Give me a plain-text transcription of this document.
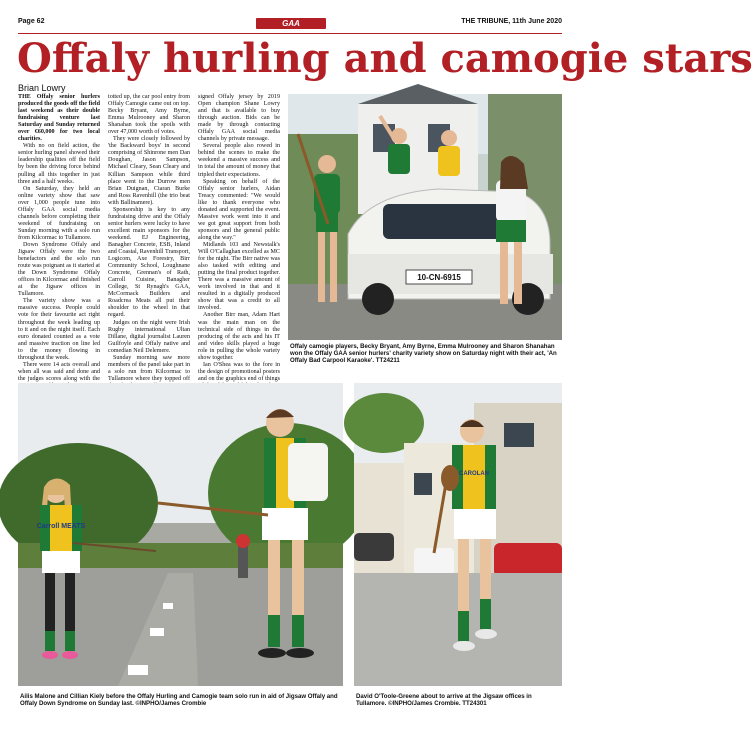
Page 62	GAA	THE TRIBUNE, 11th June 2020
Offaly hurling and camogie stars
Brian Lowry

THE Offaly senior hurlers produced the goods off the field last weekend as their double fundraising venture last Saturday and Sunday returned over €60,000 for two local charities.

With no on field action, the senior hurling panel showed their leadership qualities off the field by been the driving force behind pulling all this together in just three and a half weeks.

On Saturday, they held an online variety show that saw over 1,000 people tune into Offaly GAA social media channels before completing their weekend of fundraising on Sunday morning with a solo run from Kilcormac to Tullamore.

Down Syndrome Offaly and Jigsaw Offaly were the two benefactors and the solo run route was poignant as it started at the Down Syndrome Offaly offices in Kilcormac and finished at the Jigsaw offices in Tullamore.

The variety show was a massive success. People could vote for their favourite act right throughout the week leading up to it and on the night itself. Each euro donated counted as a vote and massive traction on line led to the money flowing in throughout the week.

There were 14 acts overall and when all was said and done and the judges scores along with the

totted up, the car pool entry from Offaly Camogie came out on top. Becky Bryant, Amy Byrne, Emma Mulrooney and Sharon Shanahan took the spoils with over 47,000 worth of votes.

They were closely followed by 'the Backward boys' in second comprising of Shinrone men Dan Doughan, Jason Sampson, Michael Cleary, Sean Cleary and Killian Sampson while third place went to the Durrow men Brian Duignan, Ciaran Burke and Ross Ravenhill (the trio beat with Ballinamere).

Sponsorship is key to any fundraising drive and the Offaly senior hurlers were lucky to have excellent main sponsors for the weekend. EJ Engineering, Banagher Concrete, ESB, Inland and Coastal, Ravenhill Transport, Logicom, Axe Forestry, Birr Community School, Loughnane Concrete, Grennan's of Rath, Carroll Cuisine, Banagher College, St Rynagh's GAA, McCormack Builders and Roadcrea Meats all put their shoulder to the wheel in that regard.

Judges on the night were Irish Rugby international Ultan Dillane, digital journalist Lauren Guilfoyle and Offaly native and comedian Neil Delemere.

Sunday morning saw more members of the panel take part in a solo run from Kilcormac to Tullamore where they topped off

signed Offaly jersey by 2019 Open champion Shane Lowry and that is available to buy through auction. Bids can be made by through contacting Offaly GAA social media channels by private message.

Several people also rowed in behind the scenes to make the weekend a massive success and in total the amount of money that tripled their expectations.

Speaking on behalf of the Offaly senior hurlers, Aidan Treacy commented: "We would like to thank everyone who donated and supported the event. Massive work went into it and we got great support from both sponsors and the general public along the way."

Midlands 103 and Newstalk's Will O'Callaghan excelled as MC for the night. The Birr native was also tasked with editing and putting the final product together. There was a massive amount of work involved in that and it resulted in a digitally produced show that was a credit to all involved.

Another Birr man, Adam Hart was the main man on the technical side of things in the producing of the acts and his IT and video skills played a huge role in pulling the whole variety show together.

Ian O'Shea was to the fore in the design of promotional posters and on the graphics end of things

10-CN-6915
Offaly camogie players, Becky Bryant, Amy Byrne, Emma Mulrooney and Sharon Shanahan won the Offaly GAA senior hurlers' charity variety show on Saturday night with their act, 'An Offaly Bad Carpool Karaoke'. TT24211
Carroll MEATS
Ailis Malone and Cillian Kiely before the Offaly Hurling and Camogie team solo run in aid of Jigsaw Offaly and Offaly Down Syndrome on Sunday last. ©INPHO/James Crombie
CAROLAN
David O'Toole-Greene about to arrive at the Jigsaw offices in Tullamore. ©INPHO/James Crombie. TT24301
